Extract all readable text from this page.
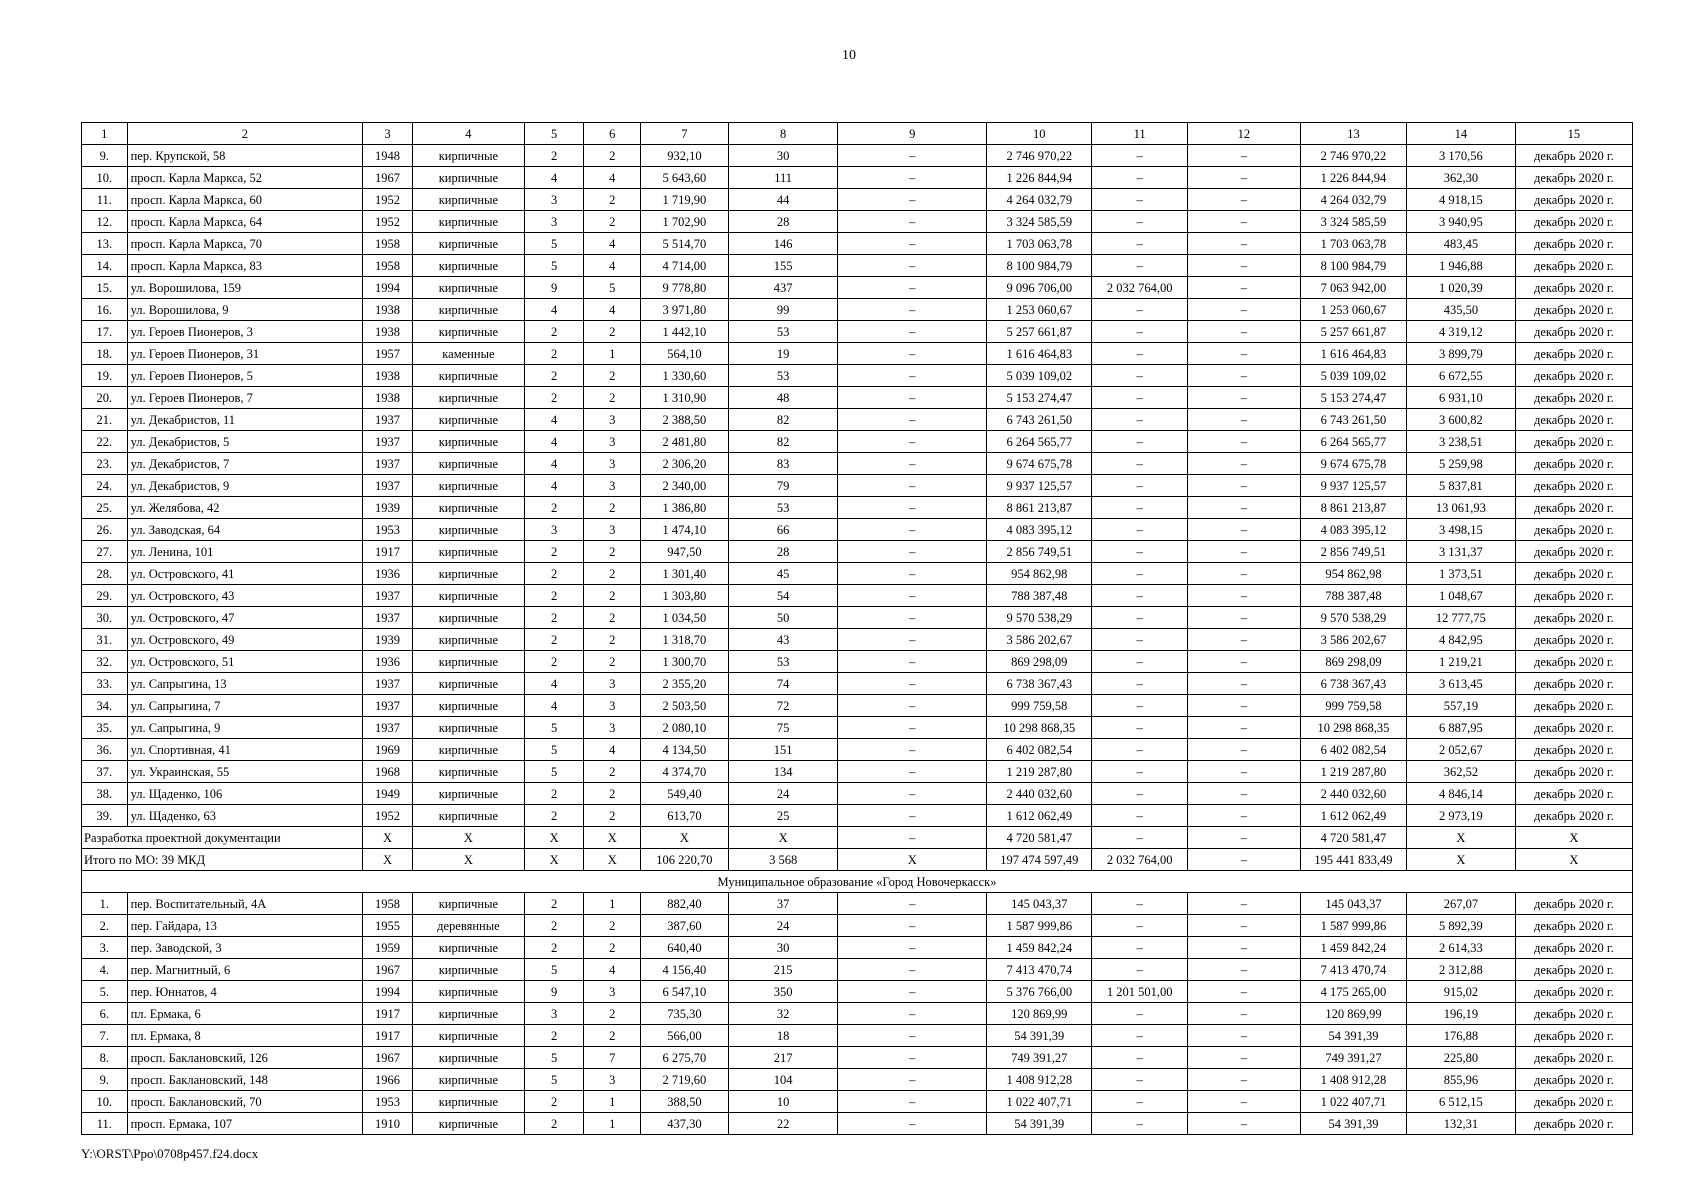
10
1	2	3	4	5	6	7	8	9	10	11	12	13	14	15
9.	пер. Крупской, 58	1948	кирпичные	2	2	932,10	30	–	2 746 970,22	–	–	2 746 970,22	3 170,56	декабрь 2020 г.
10.	просп. Карла Маркса, 52	1967	кирпичные	4	4	5 643,60	111	–	1 226 844,94	–	–	1 226 844,94	362,30	декабрь 2020 г.
11.	просп. Карла Маркса, 60	1952	кирпичные	3	2	1 719,90	44	–	4 264 032,79	–	–	4 264 032,79	4 918,15	декабрь 2020 г.
12.	просп. Карла Маркса, 64	1952	кирпичные	3	2	1 702,90	28	–	3 324 585,59	–	–	3 324 585,59	3 940,95	декабрь 2020 г.
13.	просп. Карла Маркса, 70	1958	кирпичные	5	4	5 514,70	146	–	1 703 063,78	–	–	1 703 063,78	483,45	декабрь 2020 г.
14.	просп. Карла Маркса, 83	1958	кирпичные	5	4	4 714,00	155	–	8 100 984,79	–	–	8 100 984,79	1 946,88	декабрь 2020 г.
15.	ул. Ворошилова, 159	1994	кирпичные	9	5	9 778,80	437	–	9 096 706,00	2 032 764,00	–	7 063 942,00	1 020,39	декабрь 2020 г.
16.	ул. Ворошилова, 9	1938	кирпичные	4	4	3 971,80	99	–	1 253 060,67	–	–	1 253 060,67	435,50	декабрь 2020 г.
17.	ул. Героев Пионеров, 3	1938	кирпичные	2	2	1 442,10	53	–	5 257 661,87	–	–	5 257 661,87	4 319,12	декабрь 2020 г.
18.	ул. Героев Пионеров, 31	1957	каменные	2	1	564,10	19	–	1 616 464,83	–	–	1 616 464,83	3 899,79	декабрь 2020 г.
19.	ул. Героев Пионеров, 5	1938	кирпичные	2	2	1 330,60	53	–	5 039 109,02	–	–	5 039 109,02	6 672,55	декабрь 2020 г.
20.	ул. Героев Пионеров, 7	1938	кирпичные	2	2	1 310,90	48	–	5 153 274,47	–	–	5 153 274,47	6 931,10	декабрь 2020 г.
21.	ул. Декабристов, 11	1937	кирпичные	4	3	2 388,50	82	–	6 743 261,50	–	–	6 743 261,50	3 600,82	декабрь 2020 г.
22.	ул. Декабристов, 5	1937	кирпичные	4	3	2 481,80	82	–	6 264 565,77	–	–	6 264 565,77	3 238,51	декабрь 2020 г.
23.	ул. Декабристов, 7	1937	кирпичные	4	3	2 306,20	83	–	9 674 675,78	–	–	9 674 675,78	5 259,98	декабрь 2020 г.
24.	ул. Декабристов, 9	1937	кирпичные	4	3	2 340,00	79	–	9 937 125,57	–	–	9 937 125,57	5 837,81	декабрь 2020 г.
25.	ул. Желябова, 42	1939	кирпичные	2	2	1 386,80	53	–	8 861 213,87	–	–	8 861 213,87	13 061,93	декабрь 2020 г.
26.	ул. Заводская, 64	1953	кирпичные	3	3	1 474,10	66	–	4 083 395,12	–	–	4 083 395,12	3 498,15	декабрь 2020 г.
27.	ул. Ленина, 101	1917	кирпичные	2	2	947,50	28	–	2 856 749,51	–	–	2 856 749,51	3 131,37	декабрь 2020 г.
28.	ул. Островского, 41	1936	кирпичные	2	2	1 301,40	45	–	954 862,98	–	–	954 862,98	1 373,51	декабрь 2020 г.
29.	ул. Островского, 43	1937	кирпичные	2	2	1 303,80	54	–	788 387,48	–	–	788 387,48	1 048,67	декабрь 2020 г.
30.	ул. Островского, 47	1937	кирпичные	2	2	1 034,50	50	–	9 570 538,29	–	–	9 570 538,29	12 777,75	декабрь 2020 г.
31.	ул. Островского, 49	1939	кирпичные	2	2	1 318,70	43	–	3 586 202,67	–	–	3 586 202,67	4 842,95	декабрь 2020 г.
32.	ул. Островского, 51	1936	кирпичные	2	2	1 300,70	53	–	869 298,09	–	–	869 298,09	1 219,21	декабрь 2020 г.
33.	ул. Сапрыгина, 13	1937	кирпичные	4	3	2 355,20	74	–	6 738 367,43	–	–	6 738 367,43	3 613,45	декабрь 2020 г.
34.	ул. Сапрыгина, 7	1937	кирпичные	4	3	2 503,50	72	–	999 759,58	–	–	999 759,58	557,19	декабрь 2020 г.
35.	ул. Сапрыгина, 9	1937	кирпичные	5	3	2 080,10	75	–	10 298 868,35	–	–	10 298 868,35	6 887,95	декабрь 2020 г.
36.	ул. Спортивная, 41	1969	кирпичные	5	4	4 134,50	151	–	6 402 082,54	–	–	6 402 082,54	2 052,67	декабрь 2020 г.
37.	ул. Украинская, 55	1968	кирпичные	5	2	4 374,70	134	–	1 219 287,80	–	–	1 219 287,80	362,52	декабрь 2020 г.
38.	ул. Щаденко, 106	1949	кирпичные	2	2	549,40	24	–	2 440 032,60	–	–	2 440 032,60	4 846,14	декабрь 2020 г.
39.	ул. Щаденко, 63	1952	кирпичные	2	2	613,70	25	–	1 612 062,49	–	–	1 612 062,49	2 973,19	декабрь 2020 г.
Разработка проектной документации		X	X	X	X	X	X	–	4 720 581,47	–	–	4 720 581,47	X	X
Итого по МО: 39 МКД		X	X	X	X	106 220,70	3 568	X	197 474 597,49	2 032 764,00	–	195 441 833,49	X	X
Муниципальное образование «Город Новочеркасск»														
1.	пер. Воспитательный, 4А	1958	кирпичные	2	1	882,40	37	–	145 043,37	–	–	145 043,37	267,07	декабрь 2020 г.
2.	пер. Гайдара, 13	1955	деревянные	2	2	387,60	24	–	1 587 999,86	–	–	1 587 999,86	5 892,39	декабрь 2020 г.
3.	пер. Заводской, 3	1959	кирпичные	2	2	640,40	30	–	1 459 842,24	–	–	1 459 842,24	2 614,33	декабрь 2020 г.
4.	пер. Магнитный, 6	1967	кирпичные	5	4	4 156,40	215	–	7 413 470,74	–	–	7 413 470,74	2 312,88	декабрь 2020 г.
5.	пер. Юннатов, 4	1994	кирпичные	9	3	6 547,10	350	–	5 376 766,00	1 201 501,00	–	4 175 265,00	915,02	декабрь 2020 г.
6.	пл. Ермака, 6	1917	кирпичные	3	2	735,30	32	–	120 869,99	–	–	120 869,99	196,19	декабрь 2020 г.
7.	пл. Ермака, 8	1917	кирпичные	2	2	566,00	18	–	54 391,39	–	–	54 391,39	176,88	декабрь 2020 г.
8.	просп. Баклановский, 126	1967	кирпичные	5	7	6 275,70	217	–	749 391,27	–	–	749 391,27	225,80	декабрь 2020 г.
9.	просп. Баклановский, 148	1966	кирпичные	5	3	2 719,60	104	–	1 408 912,28	–	–	1 408 912,28	855,96	декабрь 2020 г.
10.	просп. Баклановский, 70	1953	кирпичные	2	1	388,50	10	–	1 022 407,71	–	–	1 022 407,71	6 512,15	декабрь 2020 г.
11.	просп. Ермака, 107	1910	кирпичные	2	1	437,30	22	–	54 391,39	–	–	54 391,39	132,31	декабрь 2020 г.
Y:\ORST\Ppo\0708p457.f24.docx
